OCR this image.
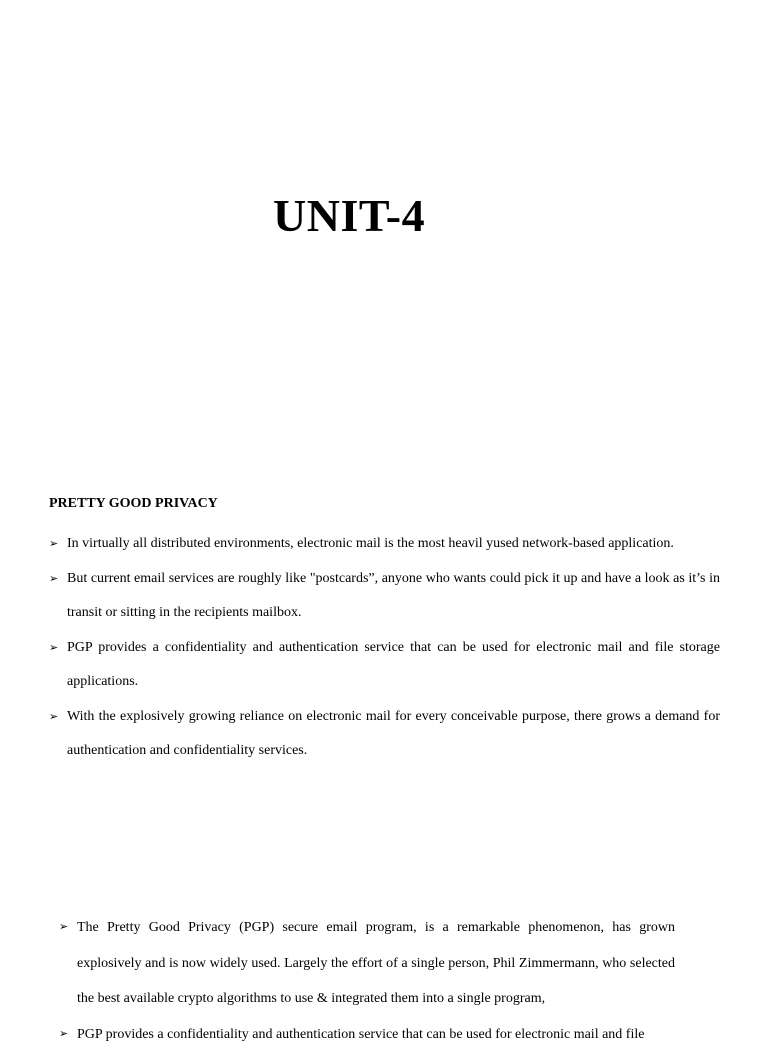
UNIT-4
PRETTY GOOD PRIVACY
➢ In virtually all distributed environments, electronic mail is the most heavil yused network-based application.
➢ But current email services are roughly like "postcards”, anyone who wants could pick it up and have a look as it’s in transit or sitting in the recipients mailbox.
➢ PGP provides a confidentiality and authentication service that can be used for electronic mail and file storage applications.
➢ With the explosively growing reliance on electronic mail for every conceivable purpose, there grows a demand for authentication and confidentiality services.
➢ The Pretty Good Privacy (PGP) secure email program, is a remarkable phenomenon, has grown explosively and is now widely used. Largely the effort of a single person, Phil Zimmermann, who selected the best available crypto algorithms to use & integrated them into a single program,
➢ PGP provides a confidentiality and authentication service that can be used for electronic mail and file
